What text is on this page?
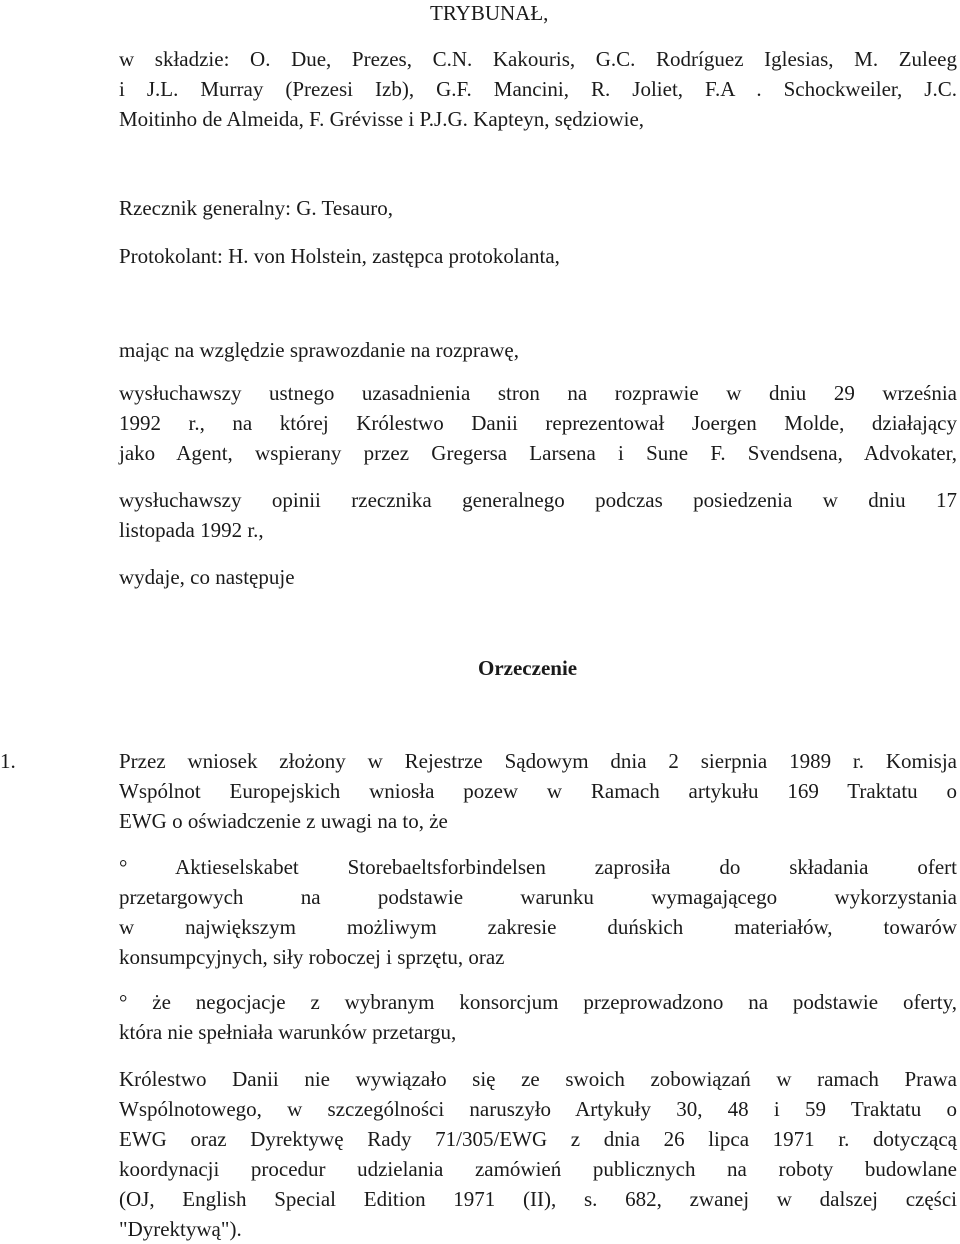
TRYBUNAŁ,
w składzie: O. Due, Prezes, C.N. Kakouris, G.C. Rodríguez Iglesias, M. Zuleeg
i J.L. Murray (Prezesi Izb), G.F. Mancini, R. Joliet, F.A . Schockweiler, J.C.
Moitinho de Almeida, F. Grévisse i P.J.G. Kapteyn, sędziowie,
Rzecznik generalny: G. Tesauro,
Protokolant: H. von Holstein, zastępca protokolanta,
mając na względzie sprawozdanie na rozprawę,
wysłuchawszy ustnego uzasadnienia stron na rozprawie w dniu 29 września
1992 r., na której Królestwo Danii reprezentował Joergen Molde, działający
jako Agent, wspierany przez Gregersa Larsena i Sune F. Svendsena, Advokater,
wysłuchawszy opinii rzecznika generalnego podczas posiedzenia w dniu 17
listopada 1992 r.,
wydaje, co następuje
Orzeczenie
1.	Przez wniosek złożony w Rejestrze Sądowym dnia 2 sierpnia 1989 r. Komisja
Wspólnot Europejskich wniosła pozew w Ramach artykułu 169 Traktatu o
EWG o oświadczenie z uwagi na to, że
° Aktieselskabet Storebaeltsforbindelsen zaprosiła do składania ofert
przetargowych na podstawie warunku wymagającego wykorzystania
w największym możliwym zakresie duńskich materiałów, towarów
konsumpcyjnych, siły roboczej i sprzętu, oraz
° że negocjacje z wybranym konsorcjum przeprowadzono na podstawie oferty,
która nie spełniała warunków przetargu,
Królestwo Danii nie wywiązało się ze swoich zobowiązań w ramach Prawa
Wspólnotowego, w szczególności naruszyło Artykuły 30, 48 i 59 Traktatu o
EWG oraz Dyrektywę Rady 71/305/EWG z dnia 26 lipca 1971 r. dotyczącą
koordynacji procedur udzielania zamówień publicznych na roboty budowlane
(OJ, English Special Edition 1971 (II), s. 682, zwanej w dalszej części
"Dyrektywą").
